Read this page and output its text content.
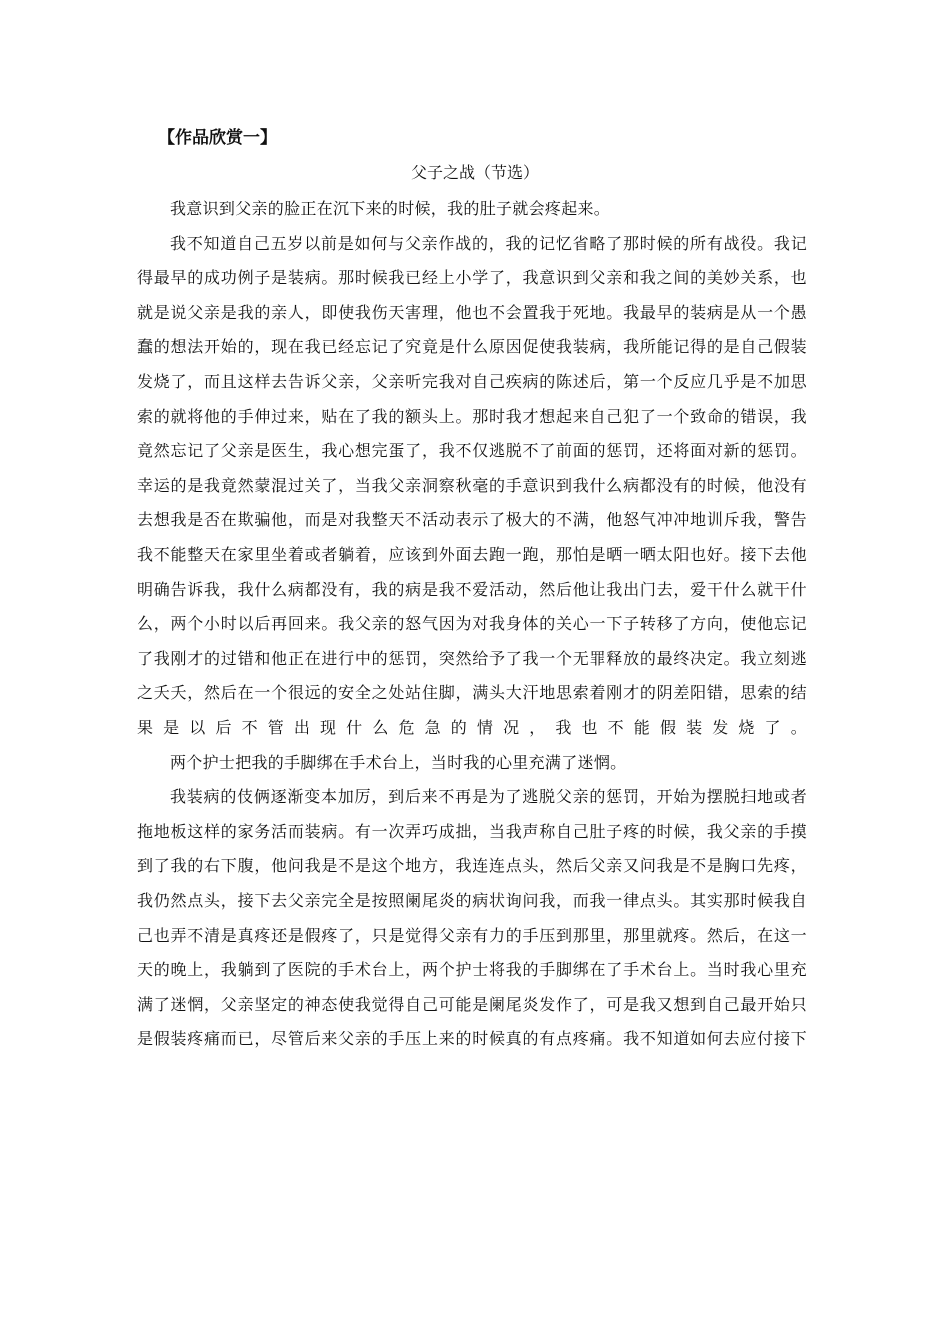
【作品欣赏一】
父子之战（节选）
我意识到父亲的脸正在沉下来的时候，我的肚子就会疼起来。
我不知道自己五岁以前是如何与父亲作战的，我的记忆省略了那时候的所有战役。我记
得最早的成功例子是装病。那时候我已经上小学了，我意识到父亲和我之间的美妙关系，也
就是说父亲是我的亲人，即使我伤天害理，他也不会置我于死地。我最早的装病是从一个愚
蠢的想法开始的，现在我已经忘记了究竟是什么原因促使我装病，我所能记得的是自己假装
发烧了，而且这样去告诉父亲，父亲听完我对自己疾病的陈述后，第一个反应几乎是不加思
索的就将他的手伸过来，贴在了我的额头上。那时我才想起来自己犯了一个致命的错误，我
竟然忘记了父亲是医生，我心想完蛋了，我不仅逃脱不了前面的惩罚，还将面对新的惩罚。
幸运的是我竟然蒙混过关了，当我父亲洞察秋毫的手意识到我什么病都没有的时候，他没有
去想我是否在欺骗他，而是对我整天不活动表示了极大的不满，他怒气冲冲地训斥我，警告
我不能整天在家里坐着或者躺着，应该到外面去跑一跑，那怕是晒一晒太阳也好。接下去他
明确告诉我，我什么病都没有，我的病是我不爱活动，然后他让我出门去，爱干什么就干什
么，两个小时以后再回来。我父亲的怒气因为对我身体的关心一下子转移了方向，使他忘记
了我刚才的过错和他正在进行中的惩罚，突然给予了我一个无罪释放的最终决定。我立刻逃
之夭夭，然后在一个很远的安全之处站住脚，满头大汗地思索着刚才的阴差阳错，思索的结
果是以后不管出现什么危急的情况，我也不能假装发烧了。
两个护士把我的手脚绑在手术台上，当时我的心里充满了迷惘。
我装病的伎俩逐渐变本加厉，到后来不再是为了逃脱父亲的惩罚，开始为摆脱扫地或者
拖地板这样的家务活而装病。有一次弄巧成拙，当我声称自己肚子疼的时候，我父亲的手摸
到了我的右下腹，他问我是不是这个地方，我连连点头，然后父亲又问我是不是胸口先疼，
我仍然点头，接下去父亲完全是按照阑尾炎的病状询问我，而我一律点头。其实那时候我自
己也弄不清是真疼还是假疼了，只是觉得父亲有力的手压到那里，那里就疼。然后，在这一
天的晚上，我躺到了医院的手术台上，两个护士将我的手脚绑在了手术台上。当时我心里充
满了迷惘，父亲坚定的神态使我觉得自己可能是阑尾炎发作了，可是我又想到自己最开始只
是假装疼痛而已，尽管后来父亲的手压上来的时候真的有点疼痛。我不知道如何去应付接下
